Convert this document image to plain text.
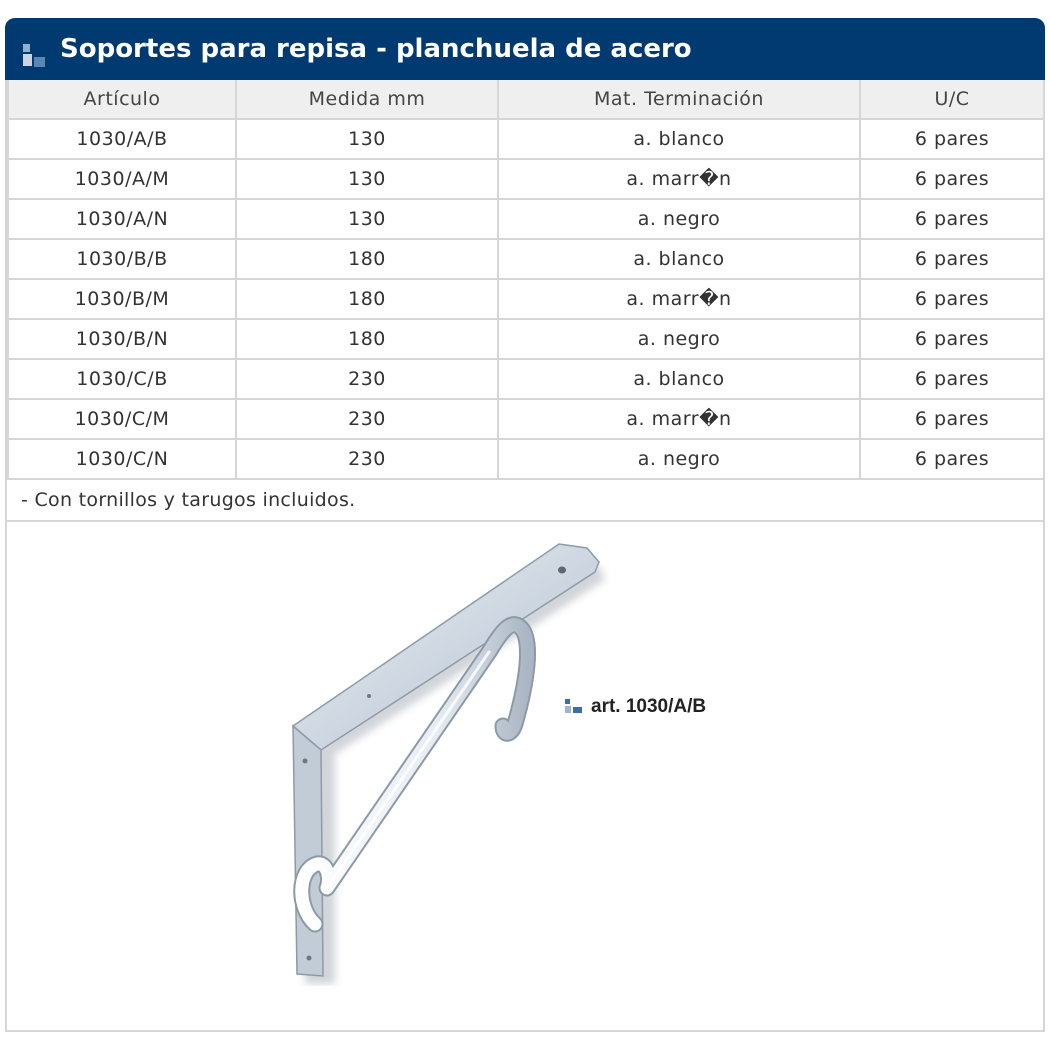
Soportes para repisa - planchuela de acero
Artículo	Medida mm	Mat. Terminación	U/C
1030/A/B	130	a. blanco	6 pares
1030/A/M	130	a. marr�n	6 pares
1030/A/N	130	a. negro	6 pares
1030/B/B	180	a. blanco	6 pares
1030/B/M	180	a. marr�n	6 pares
1030/B/N	180	a. negro	6 pares
1030/C/B	230	a. blanco	6 pares
1030/C/M	230	a. marr�n	6 pares
1030/C/N	230	a. negro	6 pares
- Con tornillos y tarugos incluidos.
art. 1030/A/B
